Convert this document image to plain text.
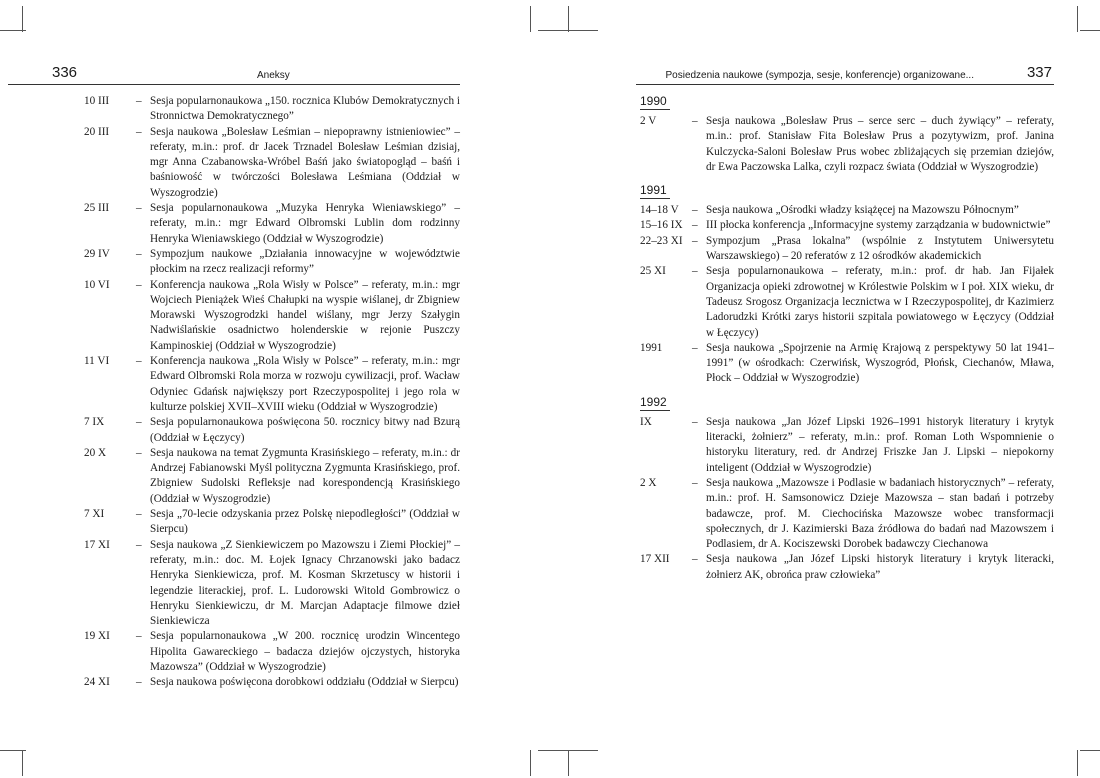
336	Aneksy
10 III	– Sesja popularnonaukowa „150. rocznica Klubów Demokratycznych i Stronnictwa Demokratycznego”
20 III	– Sesja naukowa „Bolesław Leśmian – niepoprawny istnieniowiec” – referaty, m.in.: prof. dr Jacek Trznadel Bolesław Leśmian dzisiaj, mgr Anna Czabanowska-Wróbel Baśń jako światopogląd – baśń i baśniowość w twórczości Bolesława Leśmiana (Oddział w Wyszogrodzie)
25 III	– Sesja popularnonaukowa „Muzyka Henryka Wieniawskiego” – referaty, m.in.: mgr Edward Olbromski Lublin dom rodzinny Henryka Wieniawskiego (Oddział w Wyszogrodzie)
29 IV	– Sympozjum naukowe „Działania innowacyjne w województwie płockim na rzecz realizacji reformy”
10 VI	– Konferencja naukowa „Rola Wisły w Polsce” – referaty, m.in.: mgr Wojciech Pieniążek Wieś Chałupki na wyspie wiślanej, dr Zbigniew Morawski Wyszogrodzki handel wiślany, mgr Jerzy Szałygin Nadwiślańskie osadnictwo holenderskie w rejonie Puszczy Kampinoskiej (Oddział w Wyszogrodzie)
11 VI	– Konferencja naukowa „Rola Wisły w Polsce” – referaty, m.in.: mgr Edward Olbromski Rola morza w rozwoju cywilizacji, prof. Wacław Odyniec Gdańsk największy port Rzeczypospolitej i jego rola w kulturze polskiej XVII–XVIII wieku (Oddział w Wyszogrodzie)
7 IX	– Sesja popularnonaukowa poświęcona 50. rocznicy bitwy nad Bzurą (Oddział w Łęczycy)
20 X	– Sesja naukowa na temat Zygmunta Krasińskiego – referaty, m.in.: dr Andrzej Fabianowski Myśl polityczna Zygmunta Krasińskiego, prof. Zbigniew Sudolski Refleksje nad korespondencją Krasińskiego (Oddział w Wyszogrodzie)
7 XI	– Sesja „70-lecie odzyskania przez Polskę niepodległości” (Oddział w Sierpcu)
17 XI	– Sesja naukowa „Z Sienkiewiczem po Mazowszu i Ziemi Płockiej” – referaty, m.in.: doc. M. Łojek Ignacy Chrzanowski jako badacz Henryka Sienkiewicza, prof. M. Kosman Skrzetuscy w historii i legendzie literackiej, prof. L. Ludorowski Witold Gombrowicz o Henryku Sienkiewiczu, dr M. Marcjan Adaptacje filmowe dzieł Sienkiewicza
19 XI	– Sesja popularnonaukowa „W 200. rocznicę urodzin Wincentego Hipolita Gawareckiego – badacza dziejów ojczystych, historyka Mazowsza” (Oddział w Wyszogrodzie)
24 XI	– Sesja naukowa poświęcona dorobkowi oddziału (Oddział w Sierpcu)
Posiedzenia naukowe (sympozja, sesje, konferencje) organizowane...	337
1990
2 V	– Sesja naukowa „Bolesław Prus – serce serc – duch żywiący” – referaty, m.in.: prof. Stanisław Fita Bolesław Prus a pozytywizm, prof. Janina Kulczycka-Saloni Bolesław Prus wobec zbliżających się przemian dziejów, dr Ewa Paczowska Lalka, czyli rozpacz świata (Oddział w Wyszogrodzie)
1991
14–18 V	– Sesja naukowa „Ośrodki władzy książęcej na Mazowszu Północnym”
15–16 IX – III płocka konferencja „Informacyjne systemy zarządzania w budownictwie”
22–23 XI – Sympozjum „Prasa lokalna” (wspólnie z Instytutem Uniwersytetu Warszawskiego) – 20 referatów z 12 ośrodków akademickich
25 XI	– Sesja popularnonaukowa – referaty, m.in.: prof. dr hab. Jan Fijałek Organizacja opieki zdrowotnej w Królestwie Polskim w I poł. XIX wieku, dr Tadeusz Srogosz Organizacja lecznictwa w I Rzeczypospolitej, dr Kazimierz Ladorudzki Krótki zarys historii szpitala powiatowego w Łęczycy (Oddział w Łęczycy)
1991	– Sesja naukowa „Spojrzenie na Armię Krajową z perspektywy 50 lat 1941–1991” (w ośrodkach: Czerwińsk, Wyszogród, Płońsk, Ciechanów, Mława, Płock – Oddział w Wyszogrodzie)
1992
IX	– Sesja naukowa „Jan Józef Lipski 1926–1991 historyk literatury i krytyk literacki, żołnierz” – referaty, m.in.: prof. Roman Loth Wspomnienie o historyku literatury, red. dr Andrzej Friszke Jan J. Lipski – niepokorny inteligent (Oddział w Wyszogrodzie)
2 X	– Sesja naukowa „Mazowsze i Podlasie w badaniach historycznych” – referaty, m.in.: prof. H. Samsonowicz Dzieje Mazowsza – stan badań i potrzeby badawcze, prof. M. Ciechocińska Mazowsze wobec transformacji społecznych, dr J. Kazimierski Baza źródłowa do badań nad Mazowszem i Podlasiem, dr A. Kociszewski Dorobek badawczy Ciechanowa
17 XII	– Sesja naukowa „Jan Józef Lipski historyk literatury i krytyk literacki, żołnierz AK, obrońca praw człowieka”
